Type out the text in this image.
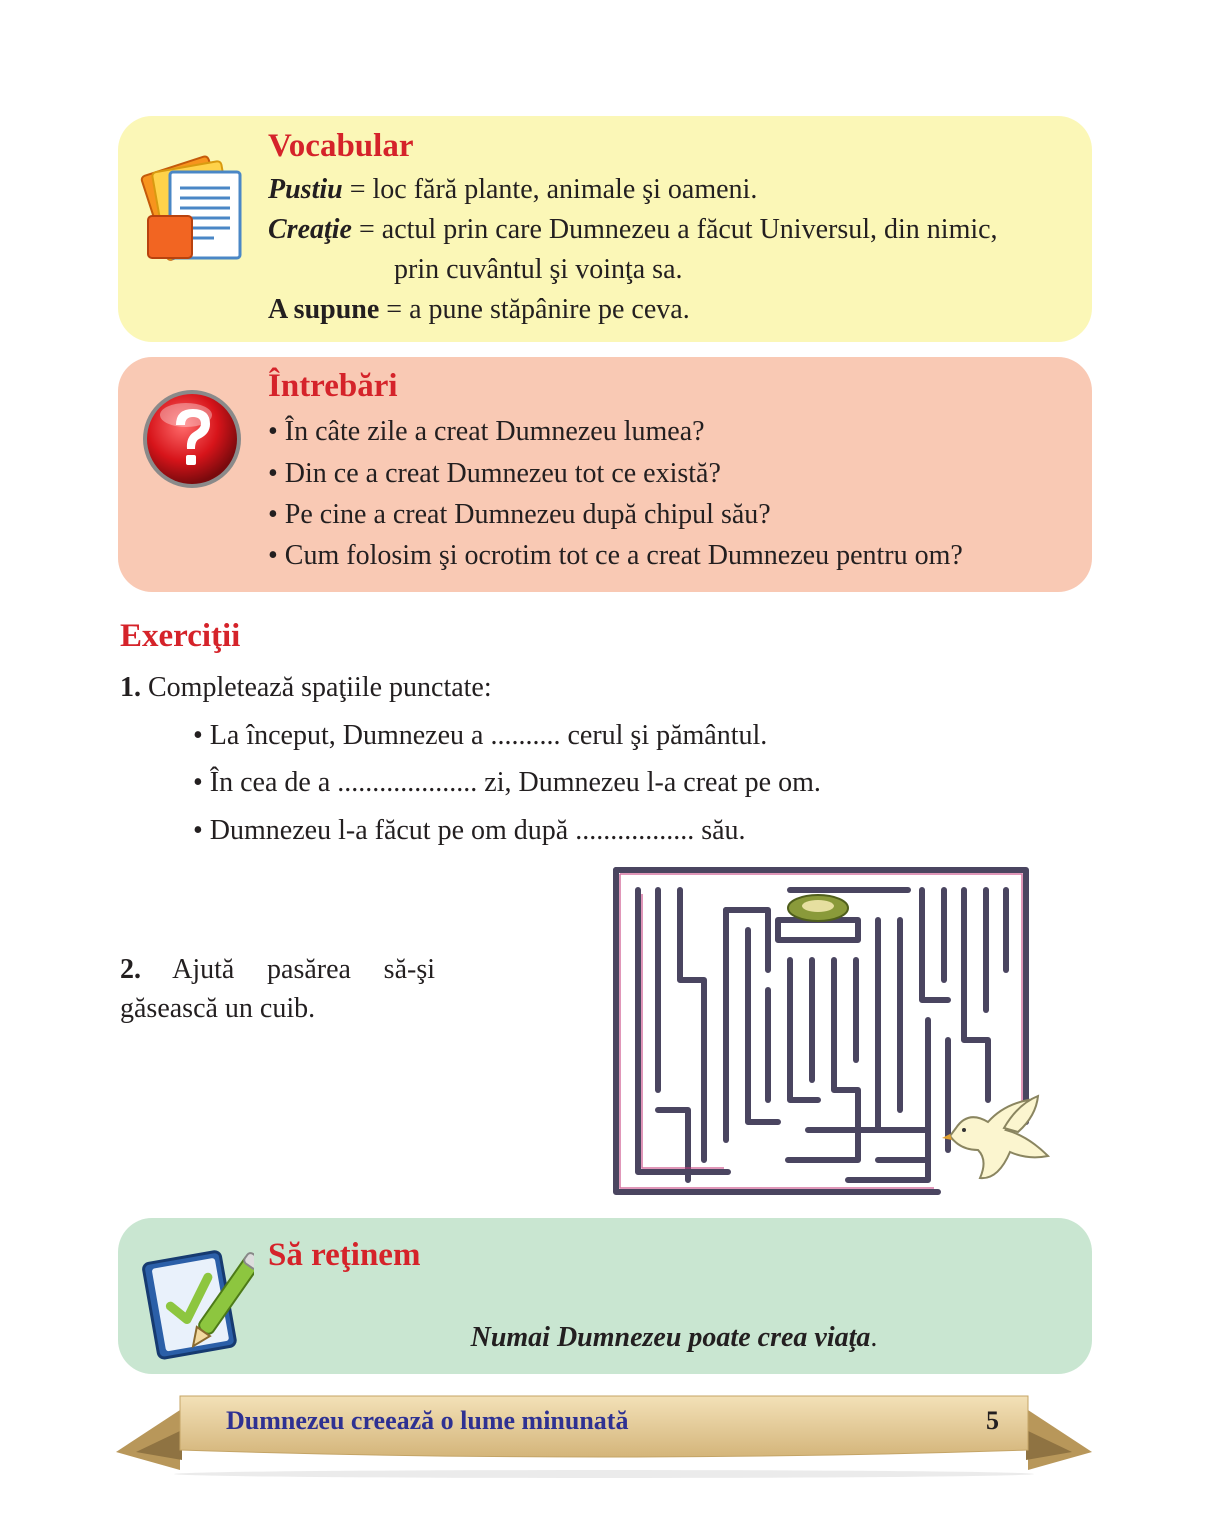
Vocabular
Pustiu = loc fără plante, animale şi oameni.
Creaţie = actul prin care Dumnezeu a făcut Universul, din nimic,
prin cuvântul şi voinţa sa.
A supune = a pune stăpânire pe ceva.
Întrebări
• În câte zile a creat Dumnezeu lumea?
• Din ce a creat Dumnezeu tot ce există?
• Pe cine a creat Dumnezeu după chipul său?
• Cum folosim şi ocrotim tot ce a creat Dumnezeu pentru om?
Exerciţii
1. Completează spaţiile punctate:
• La început, Dumnezeu a .......... cerul şi pământul.
• În cea de a .................... zi, Dumnezeu l-a creat pe om.
• Dumnezeu l-a făcut pe om după ................. său.
2. Ajută pasărea să-şi găsească un cuib.
Să reţinem
Numai Dumnezeu poate crea viaţa.
Dumnezeu creează o lume minunată	5
